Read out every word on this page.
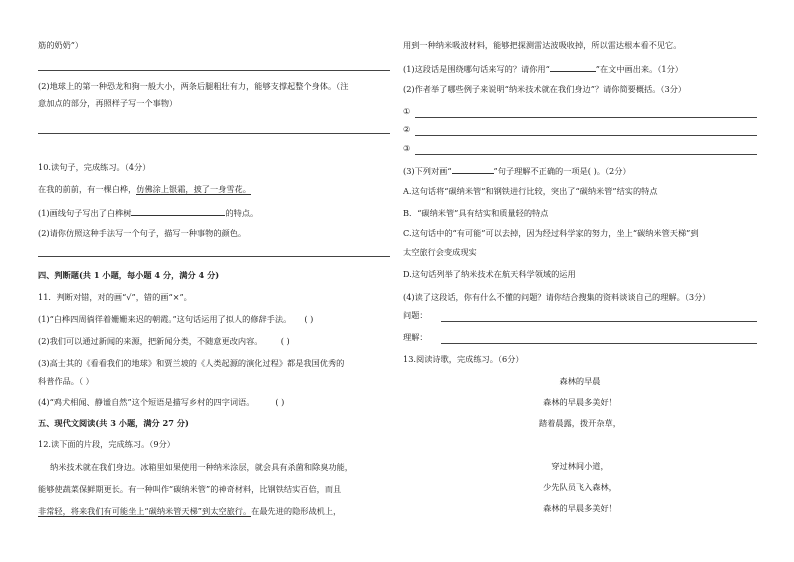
筋的奶奶”）
(2)地球上的第一种恐龙和狗一般大小，两条后腿粗壮有力，能够支撑起整个身体。（注
意加点的部分，再照样子写一个事物）
10.读句子，完成练习。（4分）
在我的前前，有一棵白桦，仿佛涂上银霜，披了一身雪花。
(1)画线句子写出了白桦树	的特点。
(2)请你仿照这种手法写一个句子，描写一种事物的颜色。
四、判断题(共 1 小题，每小题 4 分，满分 4 分)
11．判断对错，对的画“√”，错的画“×”。
(1)“白桦四周徜徉着姗姗来迟的朝霞。”这句话运用了拟人的修辞手法。 ( )
(2)我们可以通过新闻的来源，把新闻分类，不随意更改内容。 ( )
(3)高士其的《看看我们的地球》和贾兰坡的《人类起源的演化过程》都是我国优秀的
科普作品。（ ）
(4)“鸡犬相闻、静谧自然”这个短语是描写乡村的四字词语。	( )
五、现代文阅读(共 3 小题，满分 27 分)
12.读下面的片段，完成练习。（9分）
纳米技术就在我们身边。冰箱里如果使用一种纳米涂层，就会具有杀菌和除臭功能，
能够使蔬菜保鲜期更长。有一种叫作“碳纳米管”的神奇材料，比钢铁结实百倍，而且
非常轻，将来我们有可能坐上“碳纳米管天梯”到太空旅行。在最先进的隐形战机上，
用到一种纳米吸波材料，能够把探测雷达波吸收掉，所以雷达根本看不见它。
(1)这段话是围绕哪句话来写的？请你用“	”在文中画出来。（1分）
(2)作者举了哪些例子来说明“纳米技术就在我们身边”？请你简要概括。（3分）
①
②
③
(3)下列对画“	”句子理解不正确的一项是( )。（2分）
A.这句话将“碳纳米管”和钢铁进行比较，突出了“碳纳米管”结实的特点
B．“碳纳米管”具有结实和质量轻的特点
C.这句话中的“有可能”可以去掉，因为经过科学家的努力，坐上“碳纳米管天梯”到
太空旅行会变成现实
D.这句话列举了纳米技术在航天科学领域的运用
(4)读了这段话，你有什么不懂的问题？请你结合搜集的资料谈谈自己的理解。（3分）
问题：
理解：
13.阅读诗歌，完成练习。（6分）
森林的早晨
森林的早晨多美好！
踏着晨露，拨开杂草，
穿过林间小道，
少先队员飞入森林，
森林的早晨多美好！
